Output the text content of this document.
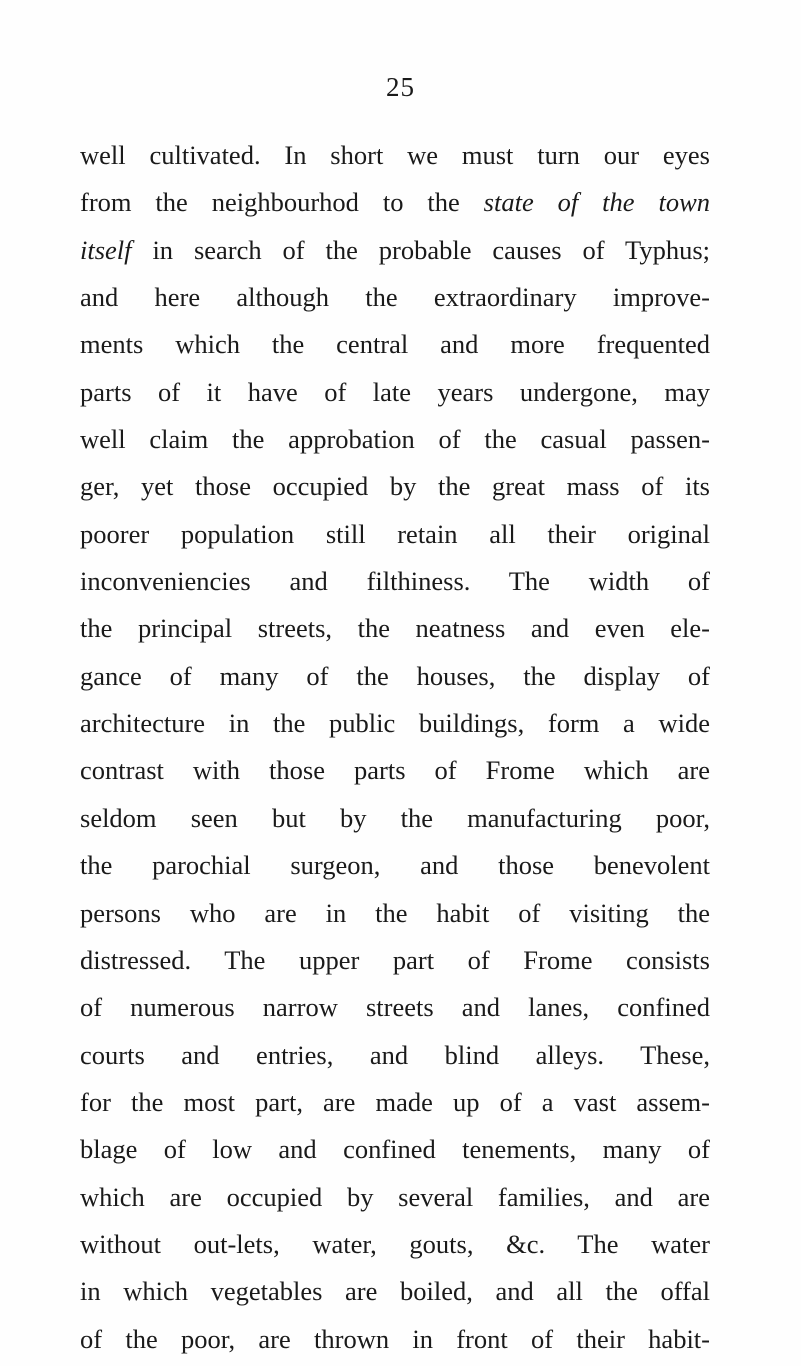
25
well cultivated. In short we must turn our eyes
from the neighbourhod to the state of the town
itself in search of the probable causes of Typhus;
and here although the extraordinary improve-
ments which the central and more frequented
parts of it have of late years undergone, may
well claim the approbation of the casual passen-
ger, yet those occupied by the great mass of its
poorer population still retain all their original
inconveniencies and filthiness. The width of
the principal streets, the neatness and even ele-
gance of many of the houses, the display of
architecture in the public buildings, form a wide
contrast with those parts of Frome which are
seldom seen but by the manufacturing poor,
the parochial surgeon, and those benevolent
persons who are in the habit of visiting the
distressed. The upper part of Frome consists
of numerous narrow streets and lanes, confined
courts and entries, and blind alleys. These,
for the most part, are made up of a vast assem-
blage of low and confined tenements, many of
which are occupied by several families, and are
without out-lets, water, gouts, &c. The water
in which vegetables are boiled, and all the offal
of the poor, are thrown in front of their habit-
